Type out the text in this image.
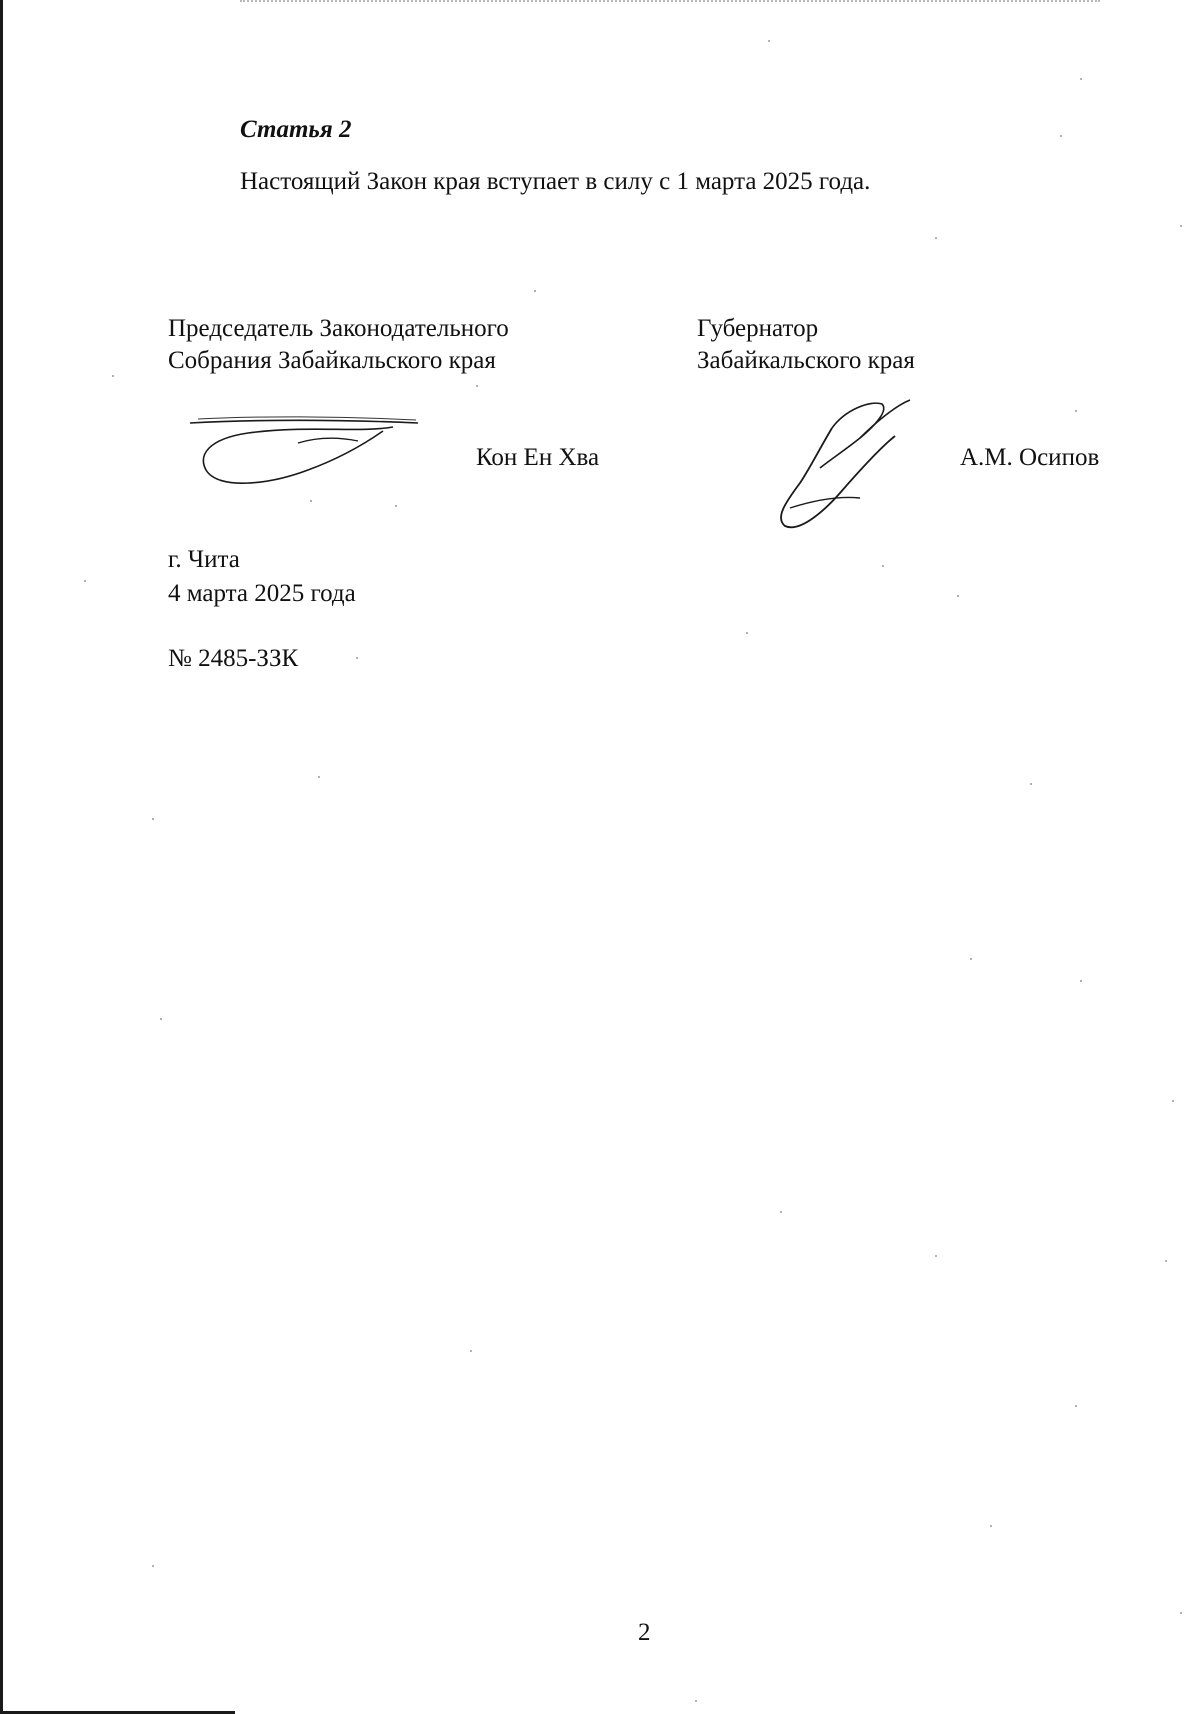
Статья 2
Настоящий Закон края вступает в силу с 1 марта 2025 года.
Председатель Законодательного
Собрания Забайкальского края
Губернатор
Забайкальского края
Кон Ен Хва	А.М. Осипов
г. Чита
4 марта 2025 года
№ 2485-ЗЗК
2
